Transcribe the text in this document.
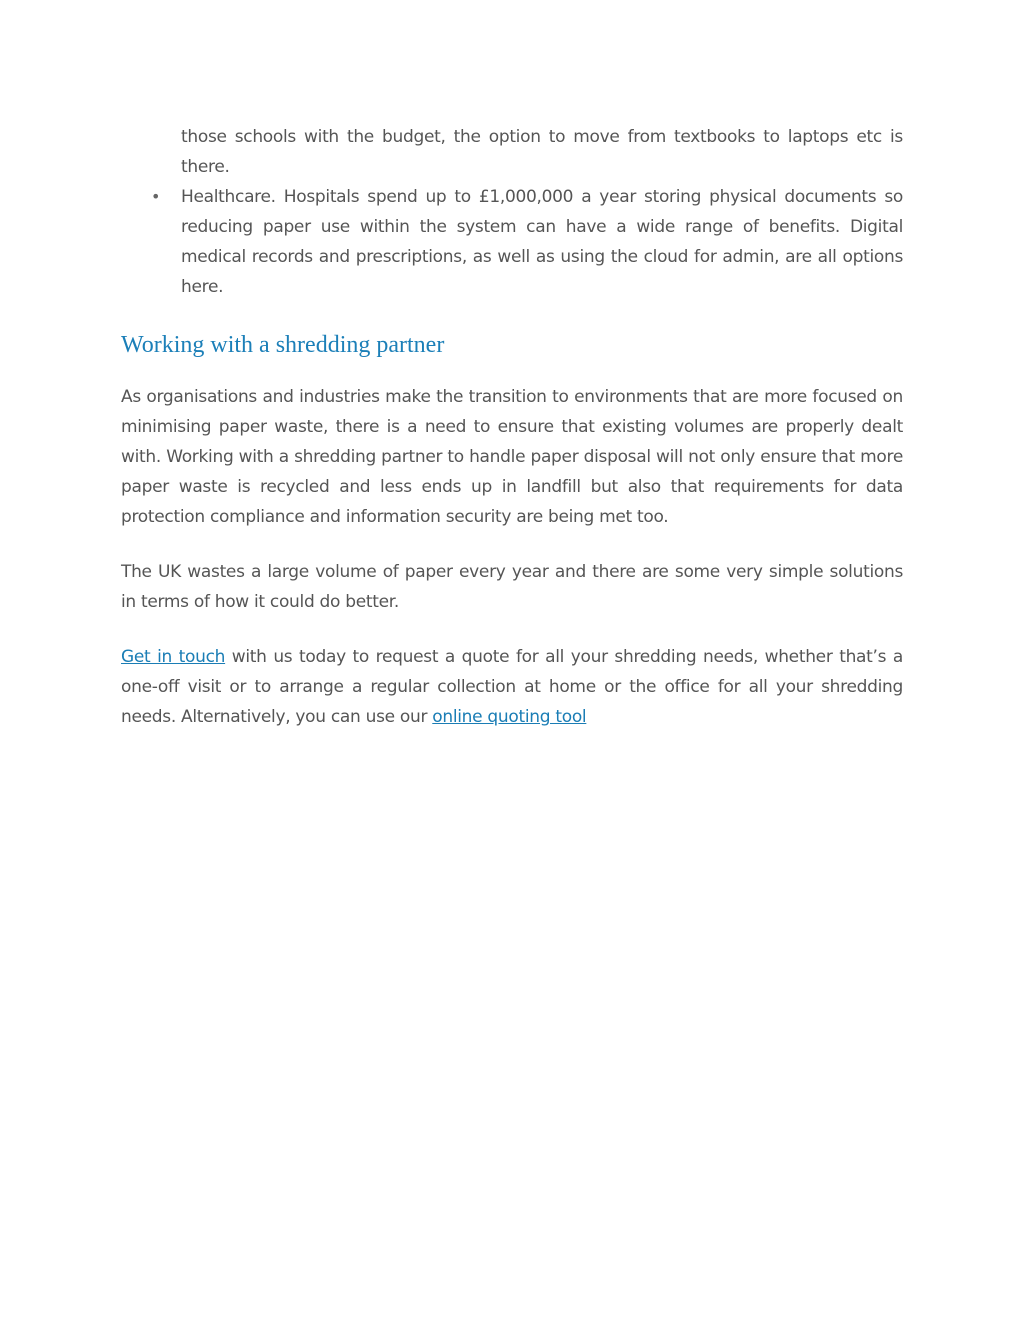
those schools with the budget, the option to move from textbooks to laptops etc is there.
• Healthcare. Hospitals spend up to £1,000,000 a year storing physical documents so reducing paper use within the system can have a wide range of benefits. Digital medical records and prescriptions, as well as using the cloud for admin, are all options here.
Working with a shredding partner

As organisations and industries make the transition to environments that are more focused on minimising paper waste, there is a need to ensure that existing volumes are properly dealt with. Working with a shredding partner to handle paper disposal will not only ensure that more paper waste is recycled and less ends up in landfill but also that requirements for data protection compliance and information security are being met too.

The UK wastes a large volume of paper every year and there are some very simple solutions in terms of how it could do better.

Get in touch with us today to request a quote for all your shredding needs, whether that’s a one-off visit or to arrange a regular collection at home or the office for all your shredding needs. Alternatively, you can use our online quoting tool
